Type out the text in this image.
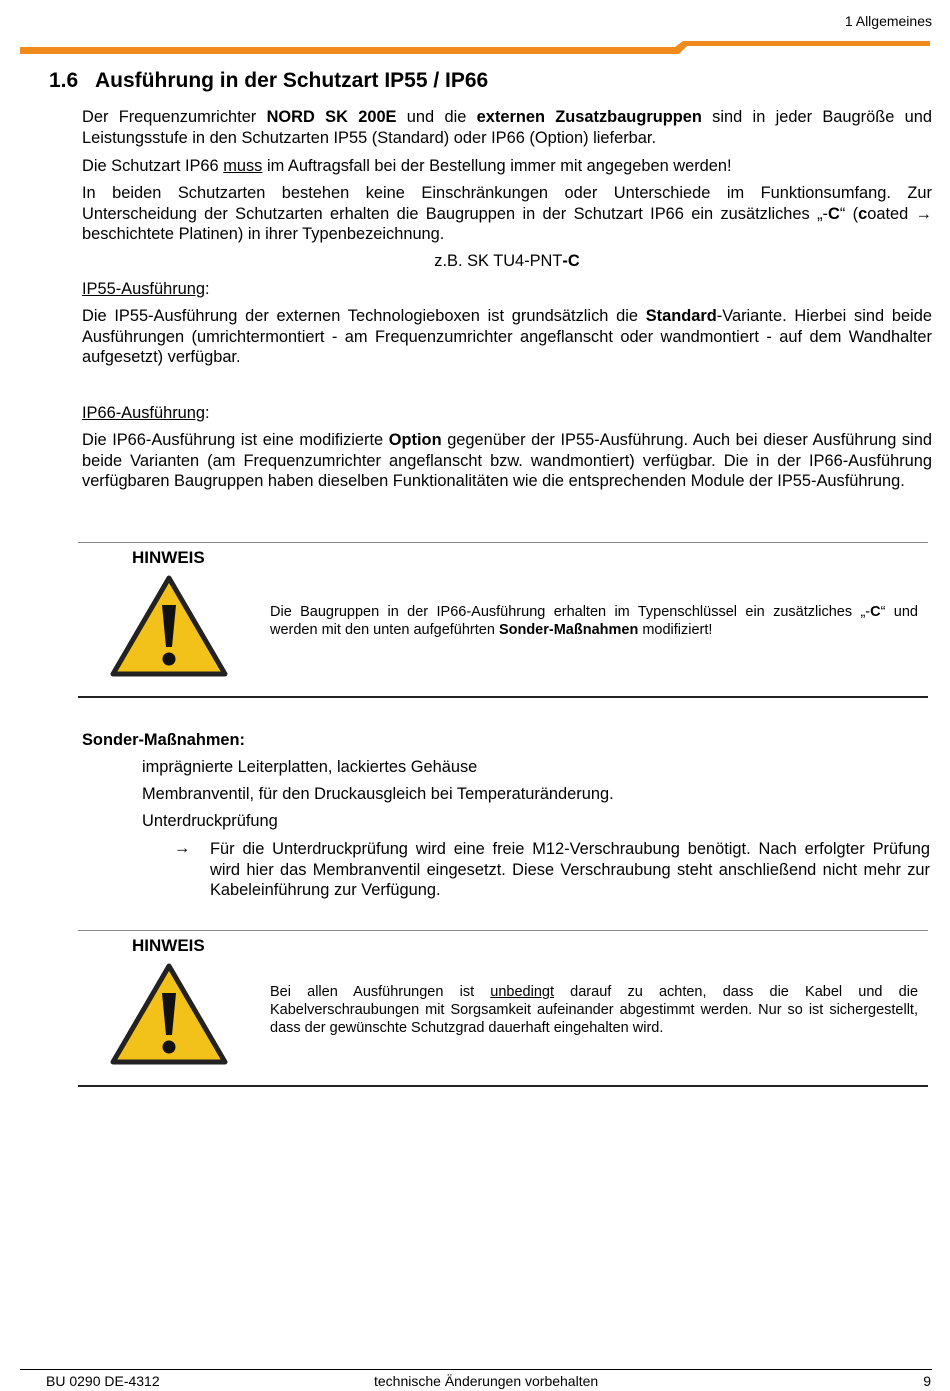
1 Allgemeines
1.6 Ausführung in der Schutzart IP55 / IP66

Der Frequenzumrichter NORD SK 200E und die externen Zusatzbaugruppen sind in jeder Baugröße und Leistungsstufe in den Schutzarten IP55 (Standard) oder IP66 (Option) lieferbar.

Die Schutzart IP66 muss im Auftragsfall bei der Bestellung immer mit angegeben werden!

In beiden Schutzarten bestehen keine Einschränkungen oder Unterschiede im Funktionsumfang. Zur Unterscheidung der Schutzarten erhalten die Baugruppen in der Schutzart IP66 ein zusätzliches „-C“ (coated → beschichtete Platinen) in ihrer Typenbezeichnung.

z.B. SK TU4-PNT-C
IP55-Ausführung:

Die IP55-Ausführung der externen Technologieboxen ist grundsätzlich die Standard-Variante. Hierbei sind beide Ausführungen (umrichtermontiert - am Frequenzumrichter angeflanscht oder wandmontiert - auf dem Wandhalter aufgesetzt) verfügbar.

IP66-Ausführung:

Die IP66-Ausführung ist eine modifizierte Option gegenüber der IP55-Ausführung. Auch bei dieser Ausführung sind beide Varianten (am Frequenzumrichter angeflanscht bzw. wandmontiert) verfügbar. Die in der IP66-Ausführung verfügbaren Baugruppen haben dieselben Funktionalitäten wie die entsprechenden Module der IP55-Ausführung.

HINWEIS
Die Baugruppen in der IP66-Ausführung erhalten im Typenschlüssel ein zusätzliches „-C“ und werden mit den unten aufgeführten Sonder-Maßnahmen modifiziert!
Sonder-Maßnahmen:
imprägnierte Leiterplatten, lackiertes Gehäuse
Membranventil, für den Druckausgleich bei Temperaturänderung.
Unterdruckprüfung
→ Für die Unterdruckprüfung wird eine freie M12-Verschraubung benötigt. Nach erfolgter Prüfung wird hier das Membranventil eingesetzt. Diese Verschraubung steht anschließend nicht mehr zur Kabeleinführung zur Verfügung.
HINWEIS
Bei allen Ausführungen ist unbedingt darauf zu achten, dass die Kabel und die Kabelverschraubungen mit Sorgsamkeit aufeinander abgestimmt werden. Nur so ist sichergestellt, dass der gewünschte Schutzgrad dauerhaft eingehalten wird.
BU 0290 DE-4312	technische Änderungen vorbehalten	9
